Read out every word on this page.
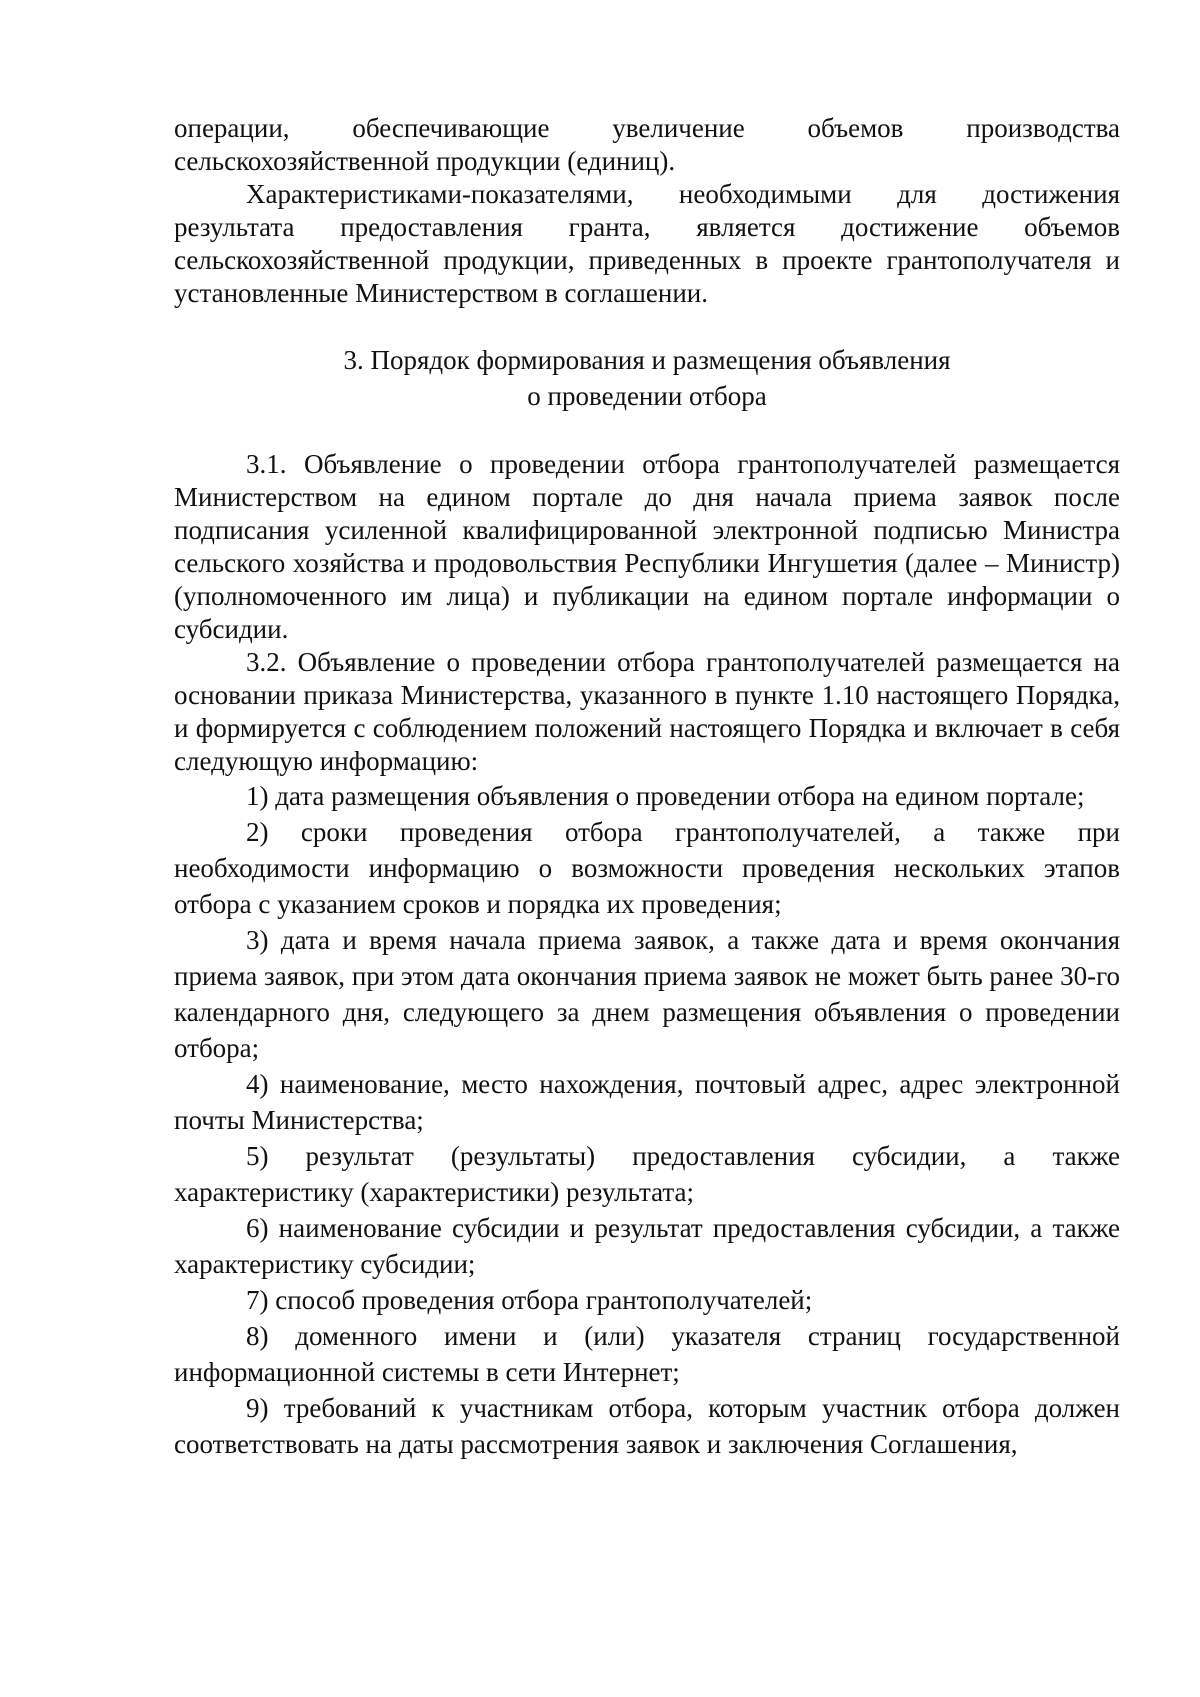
операции, обеспечивающие увеличение объемов производства
сельскохозяйственной продукции (единиц).

Характеристиками-показателями, необходимыми для достижения результата предоставления гранта, является достижение объемов сельскохозяйственной продукции, приведенных в проекте грантополучателя и установленные Министерством в соглашении.

3. Порядок формирования и размещения объявления
о проведении отбора

3.1. Объявление о проведении отбора грантополучателей размещается Министерством на едином портале до дня начала приема заявок после подписания усиленной квалифицированной электронной подписью Министра сельского хозяйства и продовольствия Республики Ингушетия (далее – Министр) (уполномоченного им лица) и публикации на едином портале информации о субсидии.

3.2. Объявление о проведении отбора грантополучателей размещается на основании приказа Министерства, указанного в пункте 1.10 настоящего Порядка, и формируется с соблюдением положений настоящего Порядка и включает в себя следующую информацию:

1) дата размещения объявления о проведении отбора на едином портале;

2) сроки проведения отбора грантополучателей, а также при необходимости информацию о возможности проведения нескольких этапов отбора с указанием сроков и порядка их проведения;

3) дата и время начала приема заявок, а также дата и время окончания приема заявок, при этом дата окончания приема заявок не может быть ранее 30-го календарного дня, следующего за днем размещения объявления о проведении отбора;

4) наименование, место нахождения, почтовый адрес, адрес электронной почты Министерства;

5) результат (результаты) предоставления субсидии, а также характеристику (характеристики) результата;

6) наименование субсидии и результат предоставления субсидии, а также характеристику субсидии;

7) способ проведения отбора грантополучателей;

8) доменного имени и (или) указателя страниц государственной информационной системы в сети Интернет;

9) требований к участникам отбора, которым участник отбора должен соответствовать на даты рассмотрения заявок и заключения Соглашения,
